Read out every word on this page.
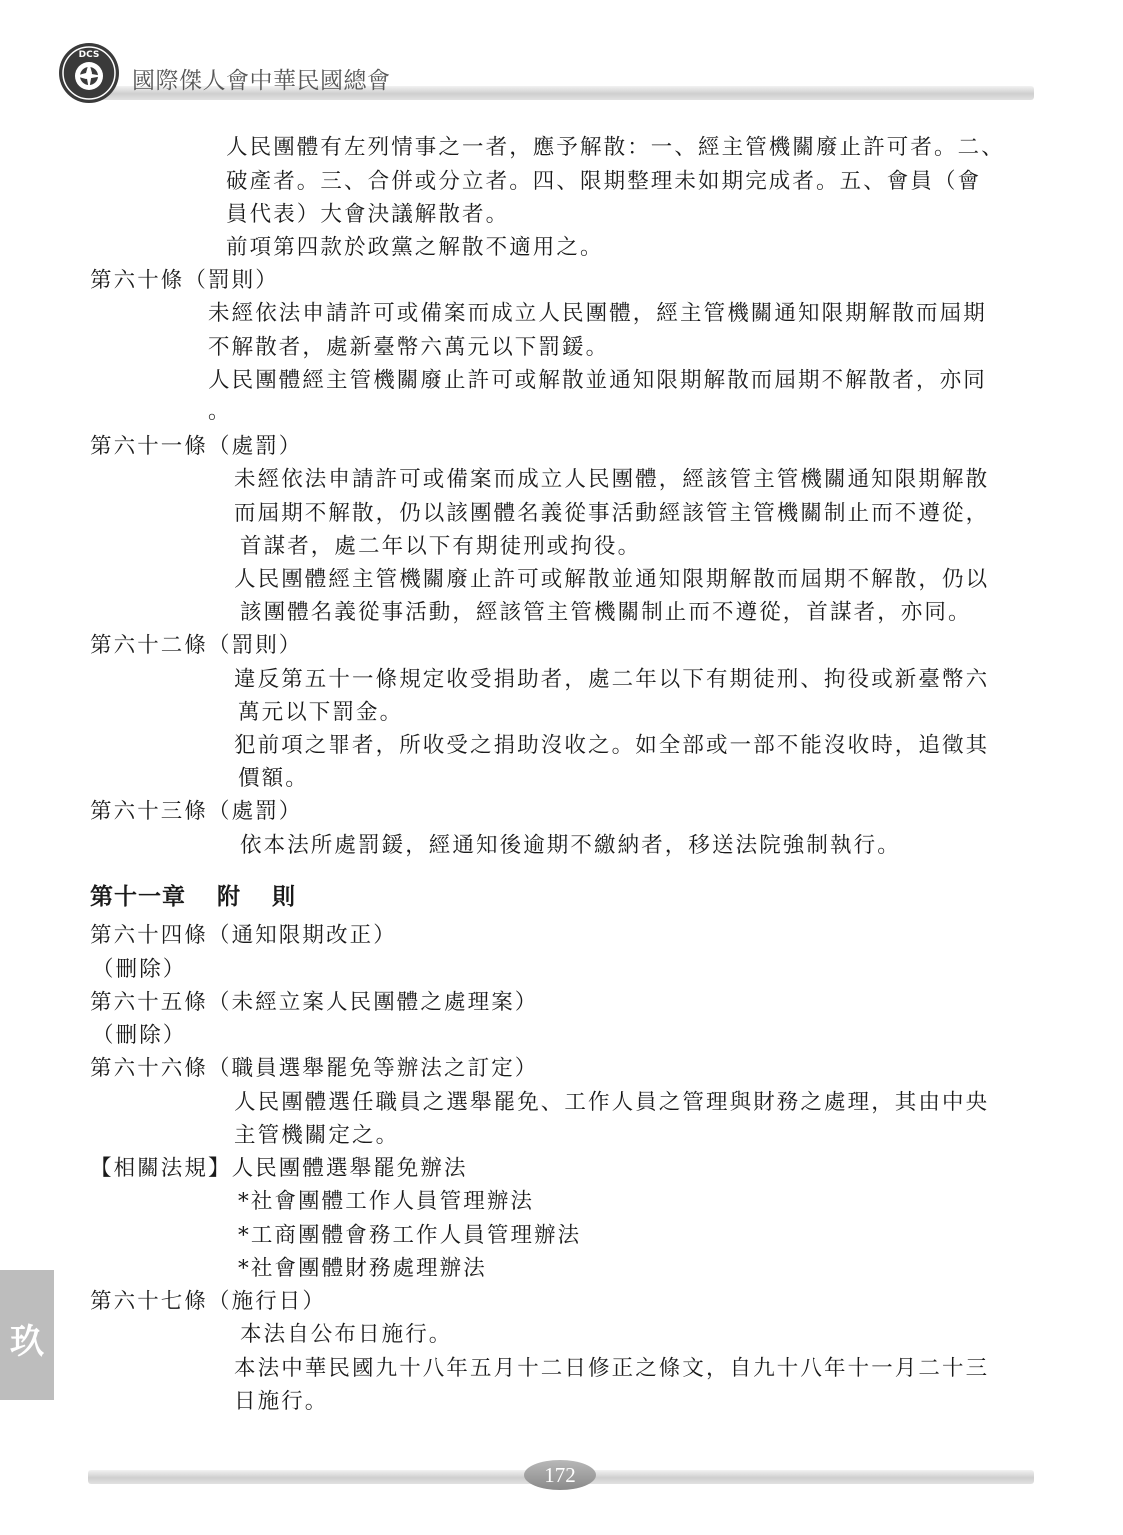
DCS
國際傑人會中華民國總會
人民團體有左列情事之一者，應予解散：一、經主管機關廢止許可者。二、
破產者。三、合併或分立者。四、限期整理未如期完成者。五、會員（會
員代表）大會決議解散者。
前項第四款於政黨之解散不適用之。
第六十條（罰則）
未經依法申請許可或備案而成立人民團體，經主管機關通知限期解散而屆期
不解散者，處新臺幣六萬元以下罰鍰。
人民團體經主管機關廢止許可或解散並通知限期解散而屆期不解散者，亦同
。
第六十一條（處罰）
未經依法申請許可或備案而成立人民團體，經該管主管機關通知限期解散
而屆期不解散，仍以該團體名義從事活動經該管主管機關制止而不遵從，
首謀者，處二年以下有期徒刑或拘役。
人民團體經主管機關廢止許可或解散並通知限期解散而屆期不解散，仍以
該團體名義從事活動，經該管主管機關制止而不遵從，首謀者，亦同。
第六十二條（罰則）
違反第五十一條規定收受捐助者，處二年以下有期徒刑、拘役或新臺幣六
萬元以下罰金。
犯前項之罪者，所收受之捐助沒收之。如全部或一部不能沒收時，追徵其
價額。
第六十三條（處罰）
依本法所處罰鍰，經通知後逾期不繳納者，移送法院強制執行。
第十一章 附 則
第六十四條（通知限期改正）
（刪除）
第六十五條（未經立案人民團體之處理案）
（刪除）
第六十六條（職員選舉罷免等辦法之訂定）
人民團體選任職員之選舉罷免、工作人員之管理與財務之處理，其由中央
主管機關定之。
【相關法規】人民團體選舉罷免辦法
*社會團體工作人員管理辦法
*工商團體會務工作人員管理辦法
*社會團體財務處理辦法
第六十七條（施行日）
本法自公布日施行。
本法中華民國九十八年五月十二日修正之條文，自九十八年十一月二十三
日施行。
玖
172
